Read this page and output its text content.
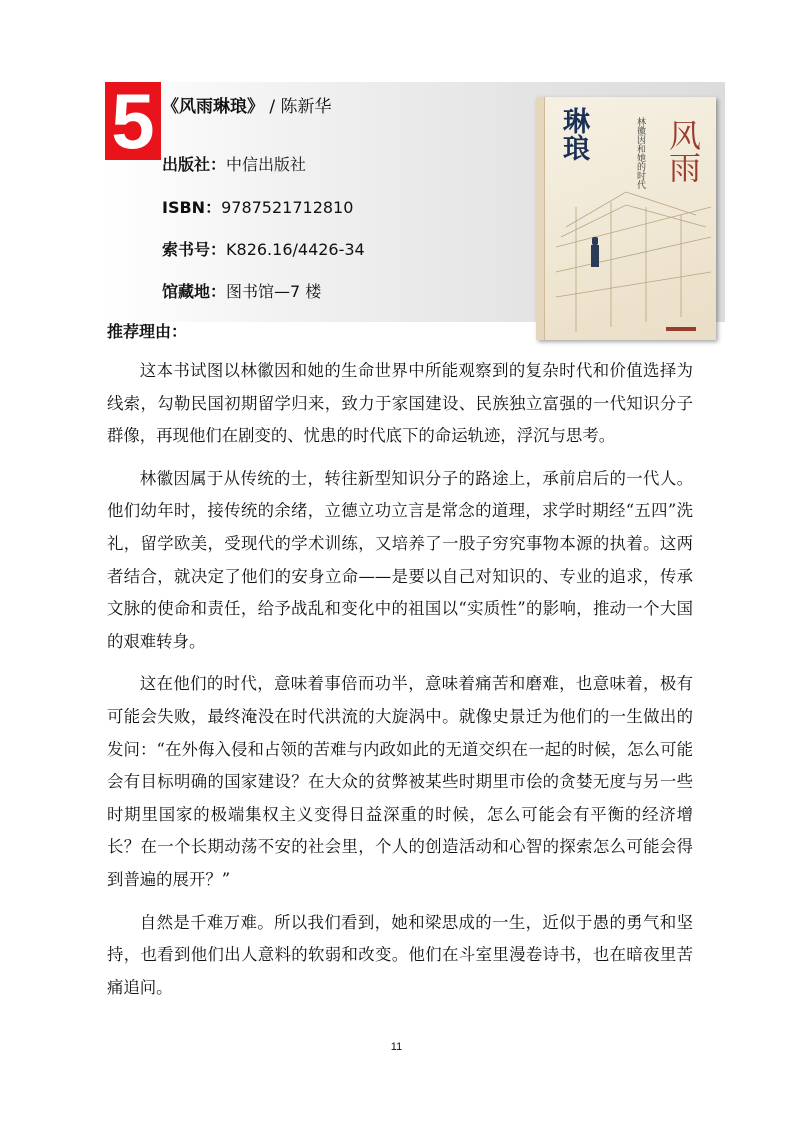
5 《风雨琳琅》 / 陈新华
出版社：中信出版社
ISBN：9787521712810
索书号：K826.16/4426-34
馆藏地：图书馆—7 楼
推荐理由：
琳琅	林徽因和她的时代 风雨

这本书试图以林徽因和她的生命世界中所能观察到的复杂时代和价值选择为线索，勾勒民国初期留学归来，致力于家国建设、民族独立富强的一代知识分子群像，再现他们在剧变的、忧患的时代底下的命运轨迹，浮沉与思考。

林徽因属于从传统的士，转往新型知识分子的路途上，承前启后的一代人。他们幼年时，接传统的余绪，立德立功立言是常念的道理，求学时期经“五四”洗礼，留学欧美，受现代的学术训练，又培养了一股子穷究事物本源的执着。这两者结合，就决定了他们的安身立命——是要以自己对知识的、专业的追求，传承文脉的使命和责任，给予战乱和变化中的祖国以“实质性”的影响，推动一个大国的艰难转身。

这在他们的时代，意味着事倍而功半，意味着痛苦和磨难，也意味着，极有可能会失败，最终淹没在时代洪流的大旋涡中。就像史景迁为他们的一生做出的发问：“在外侮入侵和占领的苦难与内政如此的无道交织在一起的时候，怎么可能会有目标明确的国家建设？在大众的贫弊被某些时期里市侩的贪婪无度与另一些时期里国家的极端集权主义变得日益深重的时候，怎么可能会有平衡的经济增长？在一个长期动荡不安的社会里，个人的创造活动和心智的探索怎么可能会得到普遍的展开？”

自然是千难万难。所以我们看到，她和梁思成的一生，近似于愚的勇气和坚持，也看到他们出人意料的软弱和改变。他们在斗室里漫卷诗书，也在暗夜里苦痛追问。

11
